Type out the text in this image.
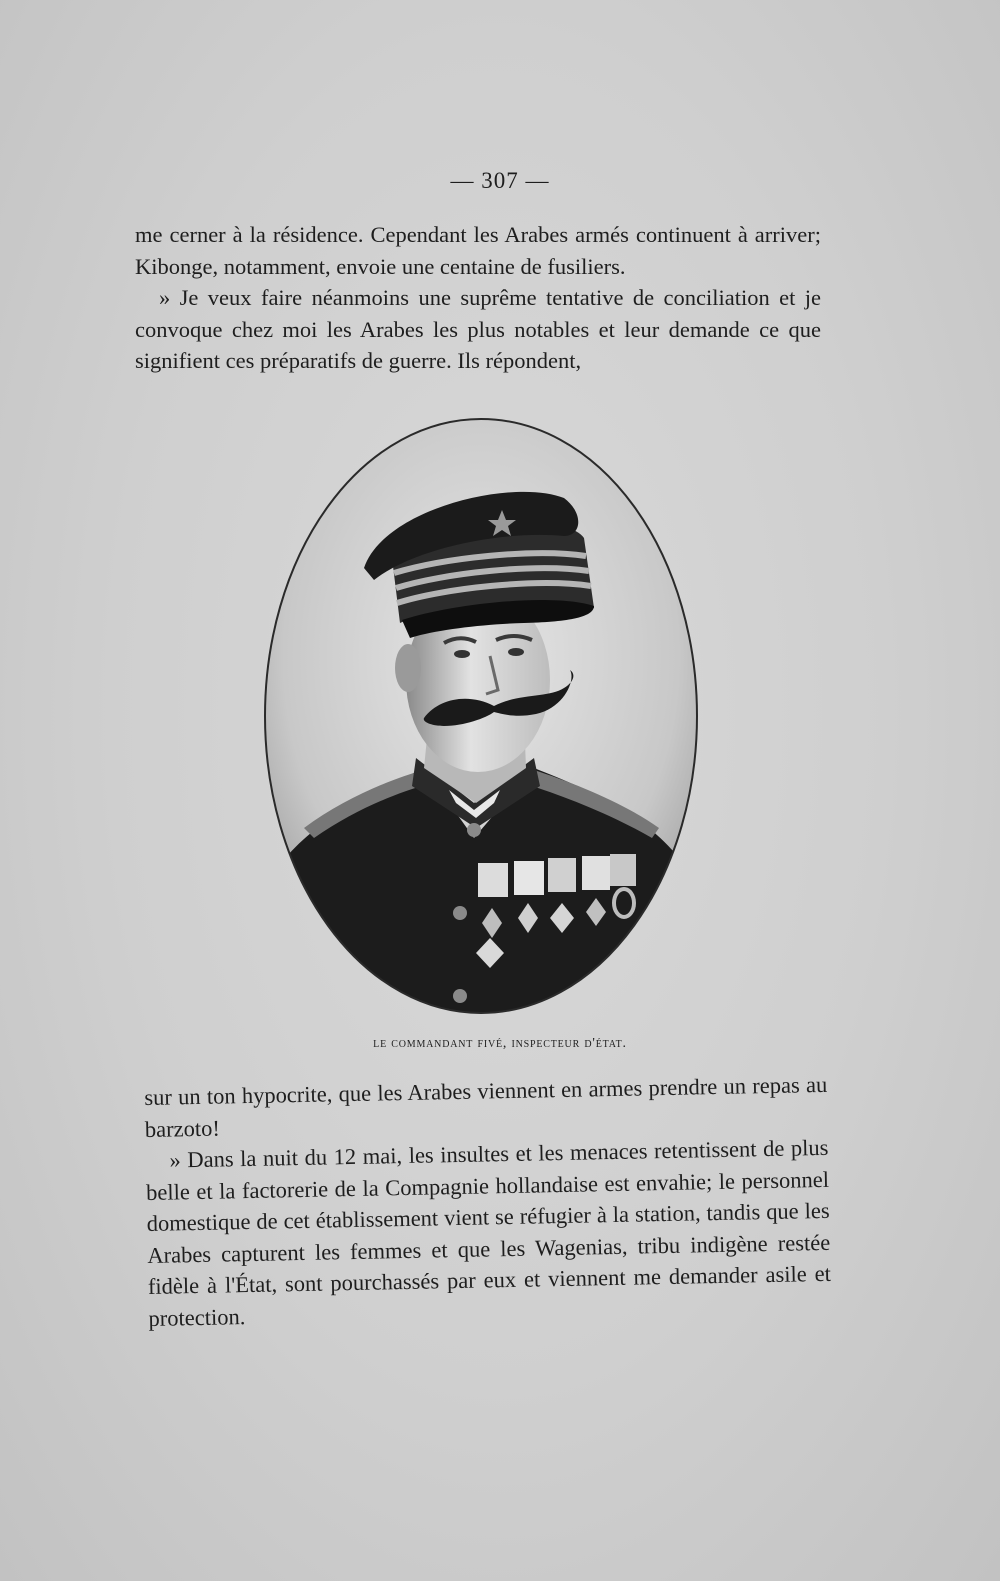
— 307 —

me cerner à la résidence. Cependant les Arabes armés continuent à arriver; Kibonge, notamment, envoie une centaine de fusiliers.

» Je veux faire néanmoins une suprême tentative de conciliation et je convoque chez moi les Arabes les plus notables et leur demande ce que signifient ces préparatifs de guerre. Ils répondent,

le commandant fivé, inspecteur d'état.

sur un ton hypocrite, que les Arabes viennent en armes prendre un repas au barzoto!

» Dans la nuit du 12 mai, les insultes et les menaces retentissent de plus belle et la factorerie de la Compagnie hollandaise est envahie; le personnel domestique de cet établissement vient se réfugier à la station, tandis que les Arabes capturent les femmes et que les Wagenias, tribu indigène restée fidèle à l'État, sont pourchassés par eux et viennent me demander asile et protection.
